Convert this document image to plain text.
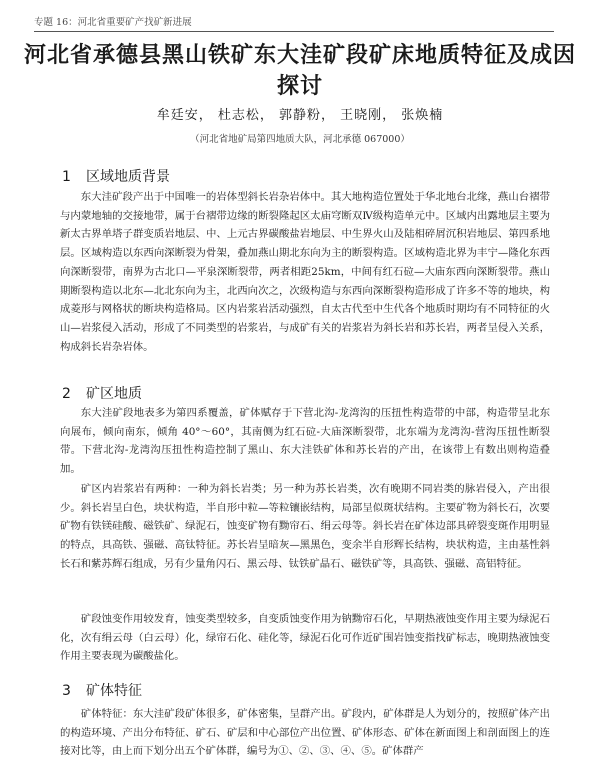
专题 16：河北省重要矿产找矿新进展
河北省承德县黑山铁矿东大洼矿段矿床地质特征及成因探讨
牟廷安， 杜志松， 郭静粉， 王晓刚， 张焕楠
（河北省地矿局第四地质大队，河北承德 067000）
1 区域地质背景

东大洼矿段产出于中国唯一的岩体型斜长岩杂岩体中。其大地构造位置处于华北地台北缘，燕山台褶带与内蒙地轴的交接地带，属于台褶带边缘的断裂隆起区太庙穹断双Ⅳ级构造单元中。区域内出露地层主要为新太古界单塔子群变质岩地层、中、上元古界碳酸盐岩地层、中生界火山及陆相碎屑沉积岩地层、第四系地层。区域构造以东西向深断裂为骨架，叠加燕山期北东向为主的断裂构造。区域构造北界为丰宁—隆化东西向深断裂带，南界为古北口—平泉深断裂带，两者相距25km，中间有红石砬—大庙东西向深断裂带。燕山期断裂构造以北东—北北东向为主，北西向次之，次级构造与东西向深断裂构造形成了许多不等的地块，构成菱形与网格状的断块构造格局。区内岩浆岩活动强烈，自太古代至中生代各个地质时期均有不同特征的火山—岩浆侵入活动，形成了不同类型的岩浆岩，与成矿有关的岩浆岩为斜长岩和苏长岩，两者呈侵入关系，构成斜长岩杂岩体。

2 矿区地质

东大洼矿段地表多为第四系覆盖，矿体赋存于下营北沟-龙湾沟的压扭性构造带的中部，构造带呈北东向展布，倾向南东，倾角 40°～60°，其南侧为红石砬-大庙深断裂带，北东端为龙湾沟-营沟压扭性断裂带。下营北沟-龙湾沟压扭性构造控制了黑山、东大洼铁矿体和苏长岩的产出，在该带上有数出则构造叠加。

矿区内岩浆岩有两种：一种为斜长岩类；另一种为苏长岩类，次有晚期不同岩类的脉岩侵入，产出很少。斜长岩呈白色，块状构造，半自形中粒—等粒镶嵌结构，局部呈似斑状结构。主要矿物为斜长石，次要矿物有铁镁硅酸、磁铁矿、绿泥石，蚀变矿物有黝帘石、绢云母等。斜长岩在矿体边部具碎裂变斑作用明显的特点，具高铁、强磁、高钛特征。苏长岩呈暗灰—黑黑色，变余半自形辉长结构，块状构造，主由基性斜长石和紫苏辉石组成，另有少量角闪石、黑云母、钛铁矿晶石、磁铁矿等，具高铁、强磁、高铝特征。

矿段蚀变作用较发育，蚀变类型较多，自变质蚀变作用为钠黝帘石化，早期热液蚀变作用主要为绿泥石化，次有绢云母（白云母）化，绿帘石化、硅化等，绿泥石化可作近矿围岩蚀变指找矿标志，晚期热液蚀变作用主要表现为碳酸盐化。

3 矿体特征

矿体特征：东大洼矿段矿体很多，矿体密集，呈群产出。矿段内，矿体群是人为划分的，按照矿体产出的构造环境、产出分布特征、矿石、矿层和中心部位产出位置、矿体形态、矿体在新面图上和剖面图上的连接对比等，由上而下划分出五个矿体群，编号为①、②、③、④、⑤。矿体群产
